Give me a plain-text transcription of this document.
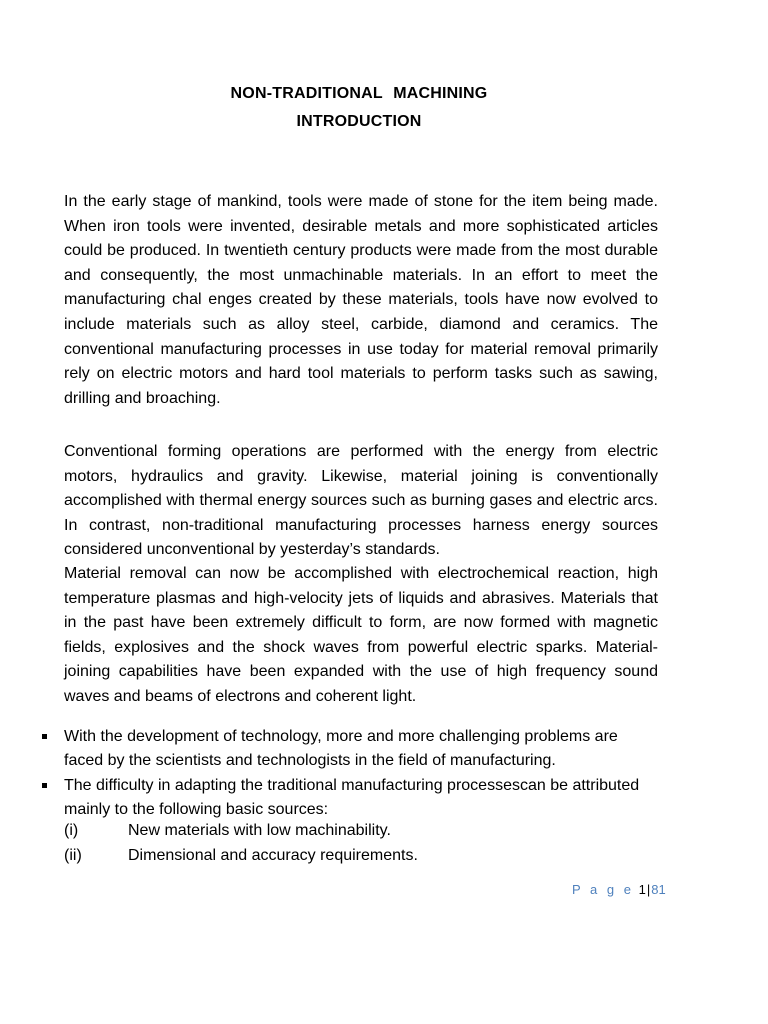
NON-TRADITIONAL MACHINING
INTRODUCTION

In the early stage of mankind, tools were made of stone for the item being made. When iron tools were invented, desirable metals and more sophisticated articles could be produced. In twentieth century products were made from the most durable and consequently, the most unmachinable materials. In an effort to meet the manufacturing chal enges created by these materials, tools have now evolved to include materials such as alloy steel, carbide, diamond and ceramics. The conventional manufacturing processes in use today for material removal primarily rely on electric motors and hard tool materials to perform tasks such as sawing, drilling and broaching.

Conventional forming operations are performed with the energy from electric motors, hydraulics and gravity. Likewise, material joining is conventionally accomplished with thermal energy sources such as burning gases and electric arcs. In contrast, non-traditional manufacturing processes harness energy sources considered unconventional by yesterday’s standards.

Material removal can now be accomplished with electrochemical reaction, high temperature plasmas and high-velocity jets of liquids and abrasives. Materials that in the past have been extremely difficult to form, are now formed with magnetic fields, explosives and the shock waves from powerful electric sparks. Material-joining capabilities have been expanded with the use of high frequency sound waves and beams of electrons and coherent light.

With the development of technology, more and more challenging problems are faced by the scientists and technologists in the field of manufacturing.
The difficulty in adapting the traditional manufacturing processescan be attributed mainly to the following basic sources:
(i)	New materials with low machinability.
(ii)	Dimensional and accuracy requirements.
P a g e 1|81
